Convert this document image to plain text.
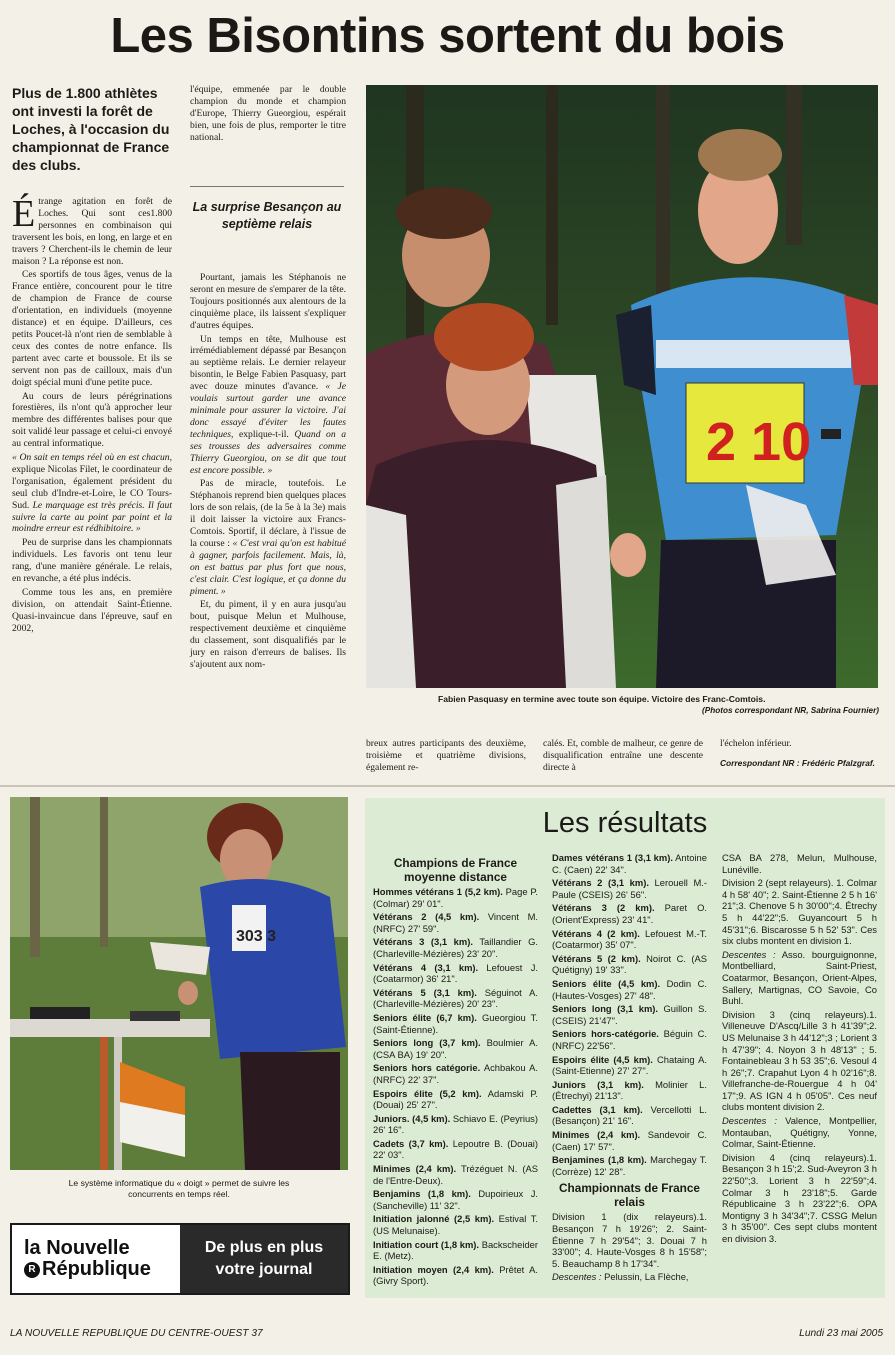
Les Bisontins sortent du bois
Plus de 1.800 athlètes ont investi la forêt de Loches, à l'occasion du championnat de France des clubs.

Étrange agitation en forêt de Loches. Qui sont ces1.800 personnes en combinaison qui traversent les bois, en long, en large et en travers ? Cherchent-ils le chemin de leur maison ? La réponse est non.

Ces sportifs de tous âges, venus de la France entière, concourent pour le titre de champion de France de course d'orientation, en individuels (moyenne distance) et en équipe. D'ailleurs, ces petits Poucet-là n'ont rien de semblable à ceux des contes de notre enfance. Ils partent avec carte et boussole. Et ils se servent non pas de cailloux, mais d'un doigt spécial muni d'une petite puce.

Au cours de leurs pérégrinations forestières, ils n'ont qu'à approcher leur membre des différentes balises pour que soit validé leur passage et celui-ci envoyé au central informatique.

« On sait en temps réel où en est chacun, explique Nicolas Filet, le coordinateur de l'organisation, également président du seul club d'Indre-et-Loire, le CO Tours-Sud. Le marquage est très précis. Il faut suivre la carte au point par point et la moindre erreur est rédhibitoire. »

Peu de surprise dans les championnats individuels. Les favoris ont tenu leur rang, d'une manière générale. Le relais, en revanche, a été plus indécis.

Comme tous les ans, en première division, on attendait Saint-Étienne. Quasi-invaincue dans l'épreuve, sauf en 2002,

l'équipe, emmenée par le double champion du monde et champion d'Europe, Thierry Gueorgiou, espérait bien, une fois de plus, remporter le titre national.

La surprise Besançon au septième relais

Pourtant, jamais les Stéphanois ne seront en mesure de s'emparer de la tête. Toujours positionnés aux alentours de la cinquième place, ils laissent s'expliquer d'autres équipes.

Un temps en tête, Mulhouse est irrémédiablement dépassé par Besançon au septième relais. Le dernier relayeur bisontin, le Belge Fabien Pasquasy, part avec douze minutes d'avance. « Je voulais surtout garder une avance minimale pour assurer la victoire. J'ai donc essayé d'éviter les fautes techniques, explique-t-il. Quand on a ses trousses des adversaires comme Thierry Gueorgiou, on se dit que tout est encore possible. »

Pas de miracle, toutefois. Le Stéphanois reprend bien quelques places lors de son relais, (de la 5e à la 3e) mais il doit laisser la victoire aux Francs-Comtois. Sportif, il déclare, à l'issue de la course : « C'est vrai qu'on est habitué à gagner, parfois facilement. Mais, là, on est battus par plus fort que nous, c'est clair. C'est logique, et ça donne du piment. »

Et, du piment, il y en aura jusqu'au bout, puisque Melun et Mulhouse, respectivement deuxième et cinquième du classement, sont disqualifiés par le jury en raison d'erreurs de balises. Ils s'ajoutent aux nom-

2 10
Fabien Pasquasy en termine avec toute son équipe. Victoire des Franc-Comtois.
(Photos correspondant NR, Sabrina Fournier)

breux autres participants des deuxième, troisième et quatrième divisions, également re-

calés. Et, comble de malheur, ce genre de disqualification entraîne une descente directe à

l'échelon inférieur.

Correspondant NR : Frédéric Pfalzgraf.

303 3
Le système informatique du « doigt » permet de suivre les concurrents en temps réel.
la Nouvelle
R République
De plus en plus votre journal
Les résultats
Champions de France moyenne distance

Hommes vétérans 1 (5,2 km). Page P. (Colmar) 29' 01".

Vétérans 2 (4,5 km). Vincent M. (NRFC) 27' 59".

Vétérans 3 (3,1 km). Taillandier G. (Charleville-Mézières) 23' 20".

Vétérans 4 (3,1 km). Lefouest J. (Coatarmor) 36' 21".

Vétérans 5 (3,1 km). Séguinot A. (Charleville-Mézières) 20' 23".

Seniors élite (6,7 km). Gueorgiou T. (Saint-Étienne).

Seniors long (3,7 km). Boulmier A. (CSA BA) 19' 20".

Seniors hors catégorie. Achbakou A. (NRFC) 22' 37".

Espoirs élite (5,2 km). Adamski P. (Douai) 25' 27".

Juniors. (4,5 km). Schiavo E. (Peyrius) 26' 16".

Cadets (3,7 km). Lepoutre B. (Douai) 22' 03".

Minimes (2,4 km). Trézéguet N. (AS de l'Entre-Deux).

Benjamins (1,8 km). Dupoirieux J. (Sancheville) 11' 32".

Initiation jalonné (2,5 km). Estival T. (US Melunaise).

Initiation court (1,8 km). Backscheider E. (Metz).

Initiation moyen (2,4 km). Prêtet A. (Givry Sport).

Dames vétérans 1 (3,1 km). Antoine C. (Caen) 22' 34".

Vétérans 2 (3,1 km). Lerouell M.-Paule (CSEIS) 26' 56".

Vétérans 3 (2 km). Paret O. (Orient'Express) 23' 41".

Vétérans 4 (2 km). Lefouest M.-T. (Coatarmor) 35' 07".

Vétérans 5 (2 km). Noirot C. (AS Quétigny) 19' 33".

Seniors élite (4,5 km). Dodin C. (Hautes-Vosges) 27' 48".

Seniors long (3,1 km). Guillon S. (CSEIS) 21'47".

Seniors hors-catégorie. Béguin C. (NRFC) 22'56".

Espoirs élite (4,5 km). Chataing A. (Saint-Etienne) 27' 27".

Juniors (3,1 km). Molinier L. (Étrechyi) 21'13".

Cadettes (3,1 km). Vercellotti L. (Besançon) 21' 16".

Minimes (2,4 km). Sandevoir C. (Caen) 17' 57".

Benjamines (1,8 km). Marchegay T. (Corrèze) 12' 28".

Championnats de France relais

Division 1 (dix relayeurs).1. Besançon 7 h 19'26"; 2. Saint-Étienne 7 h 29'54"; 3. Douai 7 h 33'00"; 4. Haute-Vosges 8 h 15'58"; 5. Beauchamp 8 h 17'34".

Descentes : Pelussin, La Flèche,

CSA BA 278, Melun, Mulhouse, Lunéville.

Division 2 (sept relayeurs). 1. Colmar 4 h 58' 40"; 2. Saint-Étienne 2 5 h 16' 21";3. Chenove 5 h 30'00";4. Étrechy 5 h 44'22";5. Guyancourt 5 h 45'31";6. Biscarosse 5 h 52' 53". Ces six clubs montent en division 1.

Descentes : Asso. bourguignonne, Montbelliard, Saint-Priest, Coatarmor, Besançon, Orient-Alpes, Sallery, Martignas, CO Savoie, Co Buhl.

Division 3 (cinq relayeurs).1. Villeneuve D'Ascq/Lille 3 h 41'39";2. US Melunaise 3 h 44'12";3 ; Lorient 3 h 47'39"; 4. Noyon 3 h 48'13" ; 5. Fontainebleau 3 h 53 35";6. Vesoul 4 h 26";7. Crapahut Lyon 4 h 02'16";8. Villefranche-de-Rouergue 4 h 04' 17";9. AS IGN 4 h 05'05". Ces neuf clubs montent division 2.

Descentes : Valence, Montpellier, Montauban, Quétigny, Yonne, Colmar, Saint-Étienne.

Division 4 (cinq relayeurs).1. Besançon 3 h 15';2. Sud-Aveyron 3 h 22'50";3. Lorient 3 h 22'59";4. Colmar 3 h 23'18";5. Garde Républicaine 3 h 23'22";6. OPA Montigny 3 h 34'34";7. CSSG Melun 3 h 35'00". Ces sept clubs montent en division 3.

LA NOUVELLE REPUBLIQUE DU CENTRE-OUEST 37	Lundi 23 mai 2005
